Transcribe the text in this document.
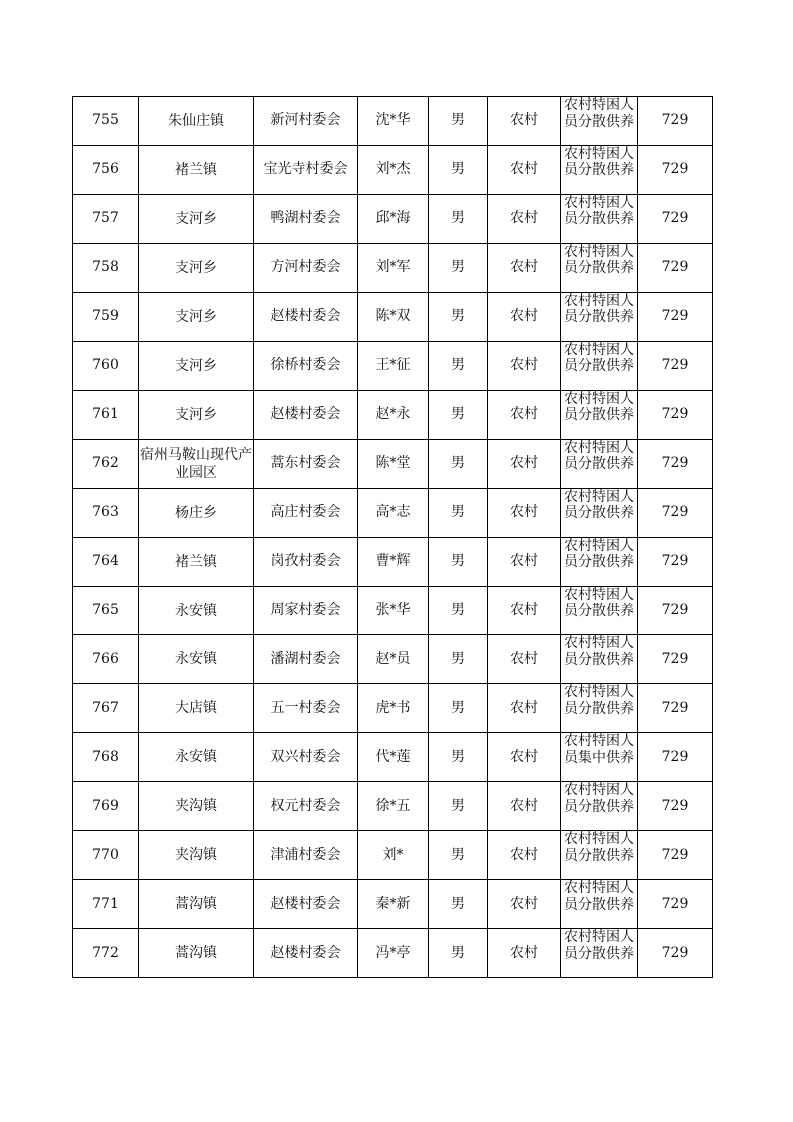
755	朱仙庄镇	新河村委会	沈*华	男	农村	农村特困人员分散供养	729

756	褚兰镇	宝光寺村委会	刘*杰	男	农村	农村特困人员分散供养	729

757	支河乡	鸭湖村委会	邱*海	男	农村	农村特困人员分散供养	729

758	支河乡	方河村委会	刘*军	男	农村	农村特困人员分散供养	729

759	支河乡	赵楼村委会	陈*双	男	农村	农村特困人员分散供养	729

760	支河乡	徐桥村委会	王*征	男	农村	农村特困人员分散供养	729

761	支河乡	赵楼村委会	赵*永	男	农村	农村特困人员分散供养	729

762	宿州马鞍山现代产业园区	蒿东村委会	陈*堂	男	农村	农村特困人员分散供养	729

763	杨庄乡	高庄村委会	高*志	男	农村	农村特困人员分散供养	729

764	褚兰镇	岗孜村委会	曹*辉	男	农村	农村特困人员分散供养	729

765	永安镇	周家村委会	张*华	男	农村	农村特困人员分散供养	729

766	永安镇	潘湖村委会	赵*员	男	农村	农村特困人员分散供养	729

767	大店镇	五一村委会	虎*书	男	农村	农村特困人员分散供养	729

768	永安镇	双兴村委会	代*莲	男	农村	农村特困人员集中供养	729

769	夹沟镇	权元村委会	徐*五	男	农村	农村特困人员分散供养	729

770	夹沟镇	津浦村委会	刘*	男	农村	农村特困人员分散供养	729

771	蒿沟镇	赵楼村委会	秦*新	男	农村	农村特困人员分散供养	729

772	蒿沟镇	赵楼村委会	冯*亭	男	农村	农村特困人员分散供养	729
